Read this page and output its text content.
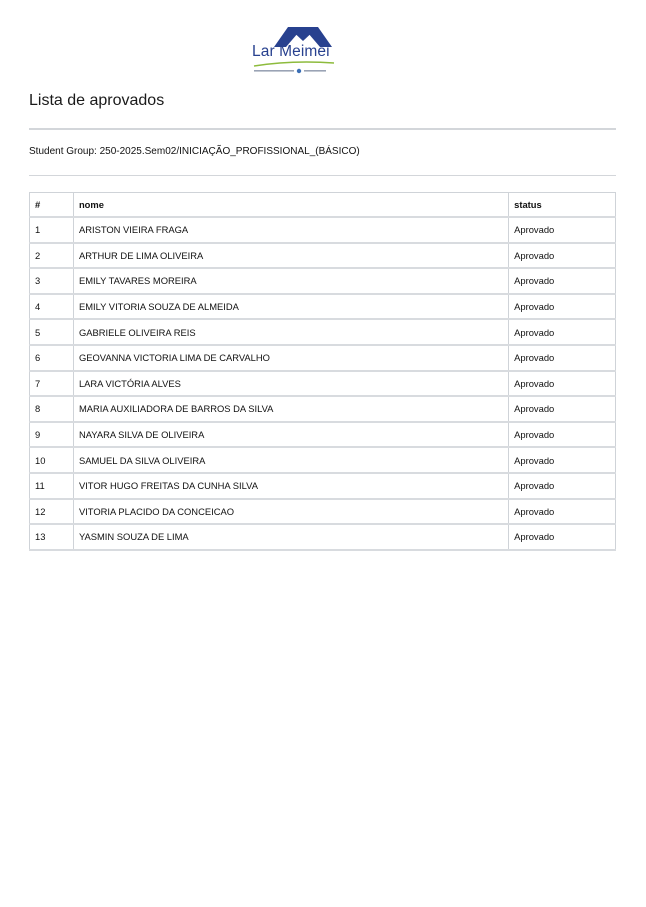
Lar Meimei
Lista de aprovados
Student Group: 250-2025.Sem02/INICIAÇÃO_PROFISSIONAL_(BÁSICO)
#	nome	status
1	ARISTON VIEIRA FRAGA	Aprovado
2	ARTHUR DE LIMA OLIVEIRA	Aprovado
3	EMILY TAVARES MOREIRA	Aprovado
4	EMILY VITORIA SOUZA DE ALMEIDA	Aprovado
5	GABRIELE OLIVEIRA REIS	Aprovado
6	GEOVANNA VICTORIA LIMA DE CARVALHO	Aprovado
7	LARA VICTÓRIA ALVES	Aprovado
8	MARIA AUXILIADORA DE BARROS DA SILVA	Aprovado
9	NAYARA SILVA DE OLIVEIRA	Aprovado
10	SAMUEL DA SILVA OLIVEIRA	Aprovado
11	VITOR HUGO FREITAS DA CUNHA SILVA	Aprovado
12	VITORIA PLACIDO DA CONCEICAO	Aprovado
13	YASMIN SOUZA DE LIMA	Aprovado
